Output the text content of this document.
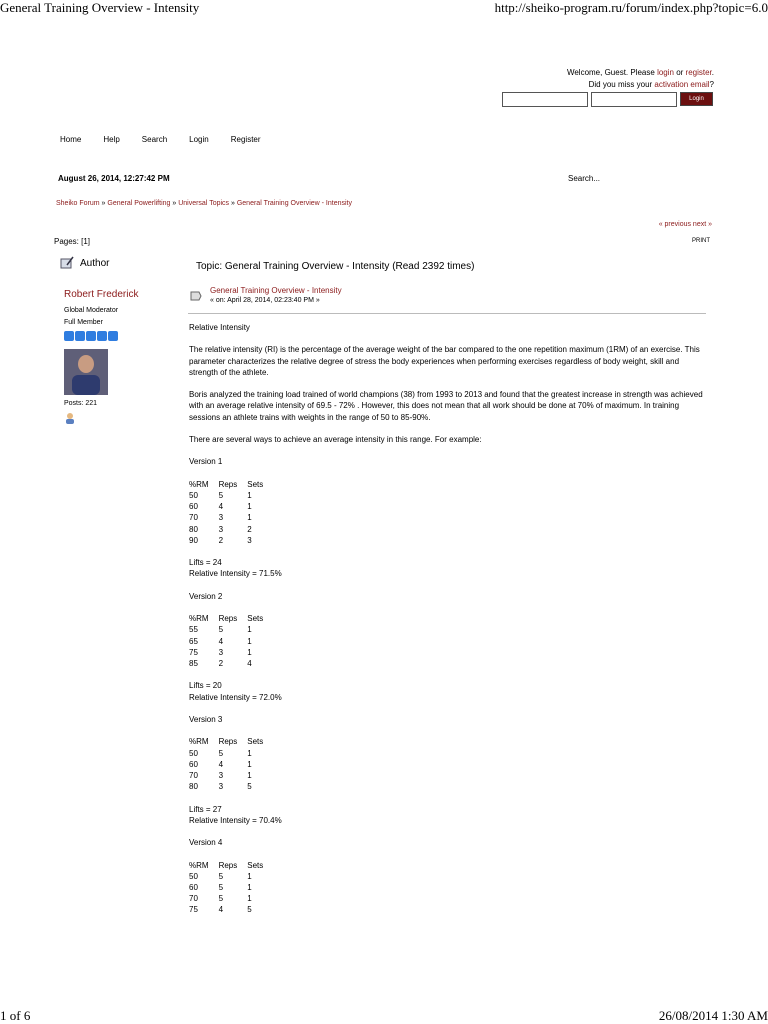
General Training Overview - Intensity	http://sheiko-program.ru/forum/index.php?topic=6.0
1 of 6	26/08/2014 1:30 AM
Welcome, Guest. Please login or register.
Did you miss your activation email?
Login
Home	Help	Search	Login	Register
August 26, 2014, 12:27:42 PM	Search...
Sheiko Forum » General Powerlifting » Universal Topics » General Training Overview - Intensity
« previous next »
Pages: [1]	PRINT
Author	Topic: General Training Overview - Intensity (Read 2392 times)
Robert Frederick
Global Moderator
Full Member
Posts: 221
General Training Overview - Intensity
« on: April 28, 2014, 02:23:40 PM »

Relative Intensity

The relative intensity (RI) is the percentage of the average weight of the bar compared to the one repetition maximum (1RM) of an exercise. This parameter characterizes the relative degree of stress the body experiences when performing exercises regardless of body weight, skill and strength of the athlete.

Boris analyzed the training load trained of world champions (38) from 1993 to 2013 and found that the greatest increase in strength was achieved with an average relative intensity of 69.5 - 72% . However, this does not mean that all work should be done at 70% of maximum. In training sessions an athlete trains with weights in the range of 50 to 85-90%.

There are several ways to achieve an average intensity in this range. For example:

Version 1
%RM	Reps	Sets
50	5	1
60	4	1
70	3	1
80	3	2
90	2	3
Lifts = 24
Relative Intensity = 71.5%
Version 2
%RM	Reps	Sets
55	5	1
65	4	1
75	3	1
85	2	4
Lifts = 20
Relative Intensity = 72.0%
Version 3
%RM	Reps	Sets
50	5	1
60	4	1
70	3	1
80	3	5
Lifts = 27
Relative Intensity = 70.4%
Version 4
%RM	Reps	Sets
50	5	1
60	5	1
70	5	1
75	4	5
